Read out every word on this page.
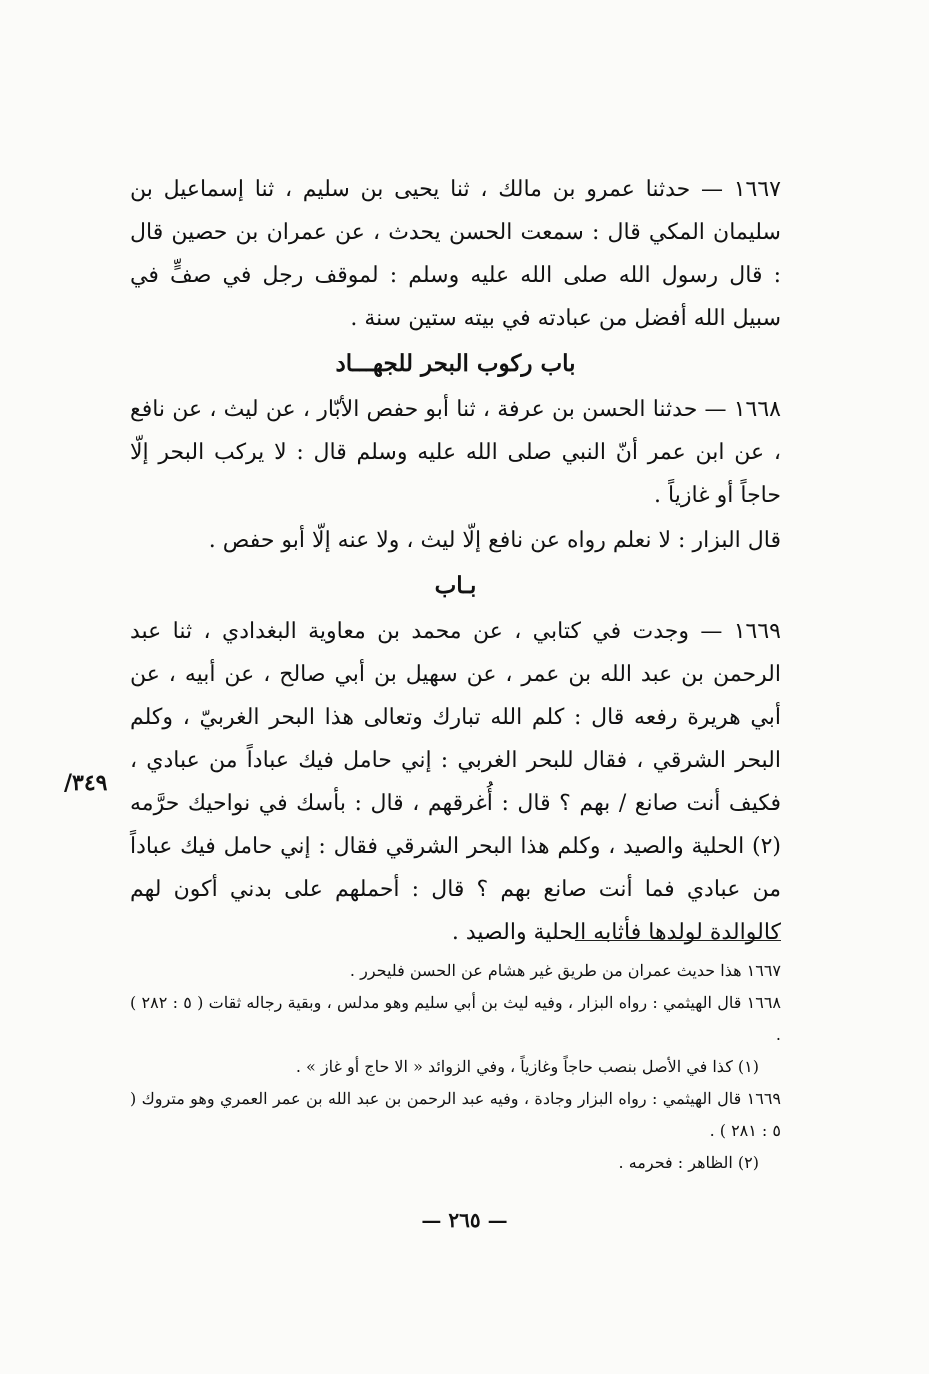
١٦٦٧ — حدثنا عمرو بن مالك ، ثنا يحيى بن سليم ، ثنا إسماعيل بن سليمان المكي قال : سمعت الحسن يحدث ، عن عمران بن حصين قال : قال رسول الله صلى الله عليه وسلم : لموقف رجل في صفٍّ في سبيل الله أفضل من عبادته في بيته ستين سنة .

باب ركوب البحر للجهـــاد

١٦٦٨ — حدثنا الحسن بن عرفة ، ثنا أبو حفص الأبّار ، عن ليث ، عن نافع ، عن ابن عمر أنّ النبي صلى الله عليه وسلم قال : لا يركب البحر إلّا حاجاً أو غازياً .

قال البزار : لا نعلم رواه عن نافع إلّا ليث ، ولا عنه إلّا أبو حفص .

بـاب

١٦٦٩ — وجدت في كتابي ، عن محمد بن معاوية البغدادي ، ثنا عبد الرحمن بن عبد الله بن عمر ، عن سهيل بن أبي صالح ، عن أبيه ، عن أبي هريرة رفعه قال : كلم الله تبارك وتعالى هذا البحر الغربيّ ، وكلم البحر الشرقي ، فقال للبحر الغربي : إني حامل فيك عباداً من عبادي ، فكيف أنت صانع / بهم ؟ قال : أُغرقهم ، قال : بأسك في نواحيك حرَّمه (٢) الحلية والصيد ، وكلم هذا البحر الشرقي فقال : إني حامل فيك عباداً من عبادي فما أنت صانع بهم ؟ قال : أحملهم على بدني أكون لهم كالوالدة لولدها فأثابه الحلية والصيد .

٣٤٩/

١٦٦٧ هذا حديث عمران من طريق غير هشام عن الحسن فليحرر .

١٦٦٨ قال الهيثمي : رواه البزار ، وفيه ليث بن أبي سليم وهو مدلس ، وبقية رجاله ثقات ( ٥ : ٢٨٢ ) .

(١) كذا في الأصل بنصب حاجاً وغازياً ، وفي الزوائد « الا حاج أو غاز » .

١٦٦٩ قال الهيثمي : رواه البزار وجادة ، وفيه عبد الرحمن بن عبد الله بن عمر العمري وهو متروك ( ٥ : ٢٨١ ) .

(٢) الظاهر : فحرمه .

— ٢٦٥ —
